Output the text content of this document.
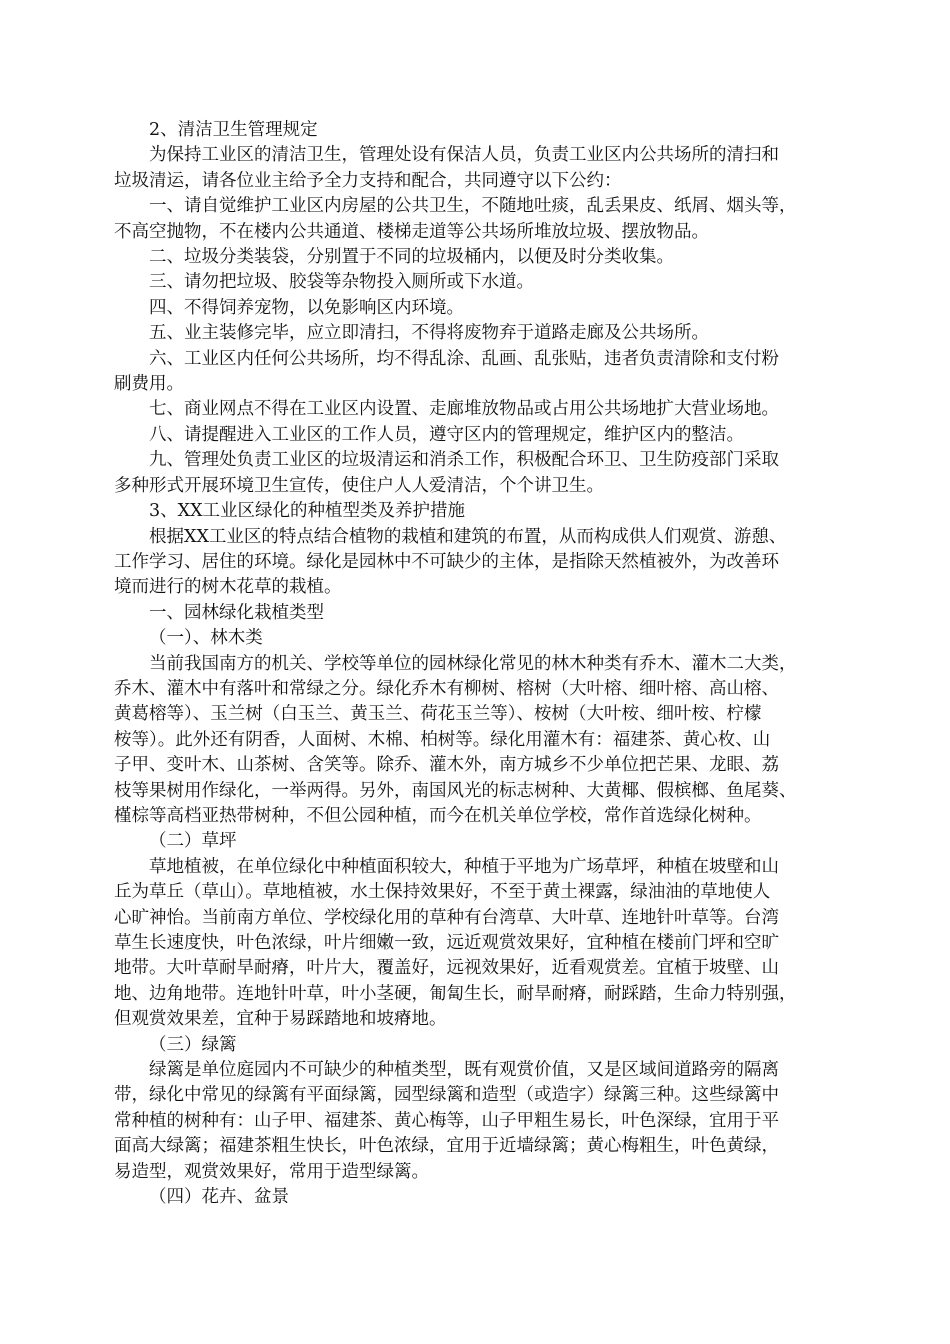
2、清洁卫生管理规定
为保持工业区的清洁卫生，管理处设有保洁人员，负责工业区内公共场所的清扫和
垃圾清运，请各位业主给予全力支持和配合，共同遵守以下公约：
一、请自觉维护工业区内房屋的公共卫生，不随地吐痰，乱丢果皮、纸屑、烟头等，
不高空抛物，不在楼内公共通道、楼梯走道等公共场所堆放垃圾、摆放物品。
二、垃圾分类装袋，分别置于不同的垃圾桶内，以便及时分类收集。
三、请勿把垃圾、胶袋等杂物投入厕所或下水道。
四、不得饲养宠物，以免影响区内环境。
五、业主装修完毕，应立即清扫，不得将废物弃于道路走廊及公共场所。
六、工业区内任何公共场所，均不得乱涂、乱画、乱张贴，违者负责清除和支付粉
刷费用。
七、商业网点不得在工业区内设置、走廊堆放物品或占用公共场地扩大营业场地。
八、请提醒进入工业区的工作人员，遵守区内的管理规定，维护区内的整洁。
九、管理处负责工业区的垃圾清运和消杀工作，积极配合环卫、卫生防疫部门采取
多种形式开展环境卫生宣传，使住户人人爱清洁，个个讲卫生。
3、XX工业区绿化的种植型类及养护措施
根据XX工业区的特点结合植物的栽植和建筑的布置，从而构成供人们观赏、游憩、
工作学习、居住的环境。绿化是园林中不可缺少的主体，是指除天然植被外，为改善环
境而进行的树木花草的栽植。
一、园林绿化栽植类型
（一）、林木类
当前我国南方的机关、学校等单位的园林绿化常见的林木种类有乔木、灌木二大类，
乔木、灌木中有落叶和常绿之分。绿化乔木有柳树、榕树（大叶榕、细叶榕、高山榕、
黄葛榕等）、玉兰树（白玉兰、黄玉兰、荷花玉兰等）、桉树（大叶桉、细叶桉、柠檬
桉等）。此外还有阴香，人面树、木棉、柏树等。绿化用灌木有：福建茶、黄心枚、山
子甲、变叶木、山茶树、含笑等。除乔、灌木外，南方城乡不少单位把芒果、龙眼、荔
枝等果树用作绿化，一举两得。另外，南国风光的标志树种、大黄椰、假槟榔、鱼尾葵、
槿棕等高档亚热带树种，不但公园种植，而今在机关单位学校，常作首选绿化树种。
（二）草坪
草地植被，在单位绿化中种植面积较大，种植于平地为广场草坪，种植在坡壁和山
丘为草丘（草山）。草地植被，水土保持效果好，不至于黄土裸露，绿油油的草地使人
心旷神怡。当前南方单位、学校绿化用的草种有台湾草、大叶草、连地针叶草等。台湾
草生长速度快，叶色浓绿，叶片细嫩一致，远近观赏效果好，宜种植在楼前门坪和空旷
地带。大叶草耐旱耐瘠，叶片大，覆盖好，远视效果好，近看观赏差。宜植于坡壁、山
地、边角地带。连地针叶草，叶小茎硬，匍匐生长，耐旱耐瘠，耐踩踏，生命力特别强，
但观赏效果差，宜种于易踩踏地和坡瘠地。
（三）绿篱
绿篱是单位庭园内不可缺少的种植类型，既有观赏价值，又是区域间道路旁的隔离
带，绿化中常见的绿篱有平面绿篱，园型绿篱和造型（或造字）绿篱三种。这些绿篱中
常种植的树种有：山子甲、福建茶、黄心梅等，山子甲粗生易长，叶色深绿，宜用于平
面高大绿篱；福建茶粗生快长，叶色浓绿，宜用于近墙绿篱；黄心梅粗生，叶色黄绿，
易造型，观赏效果好，常用于造型绿篱。
（四）花卉、盆景
